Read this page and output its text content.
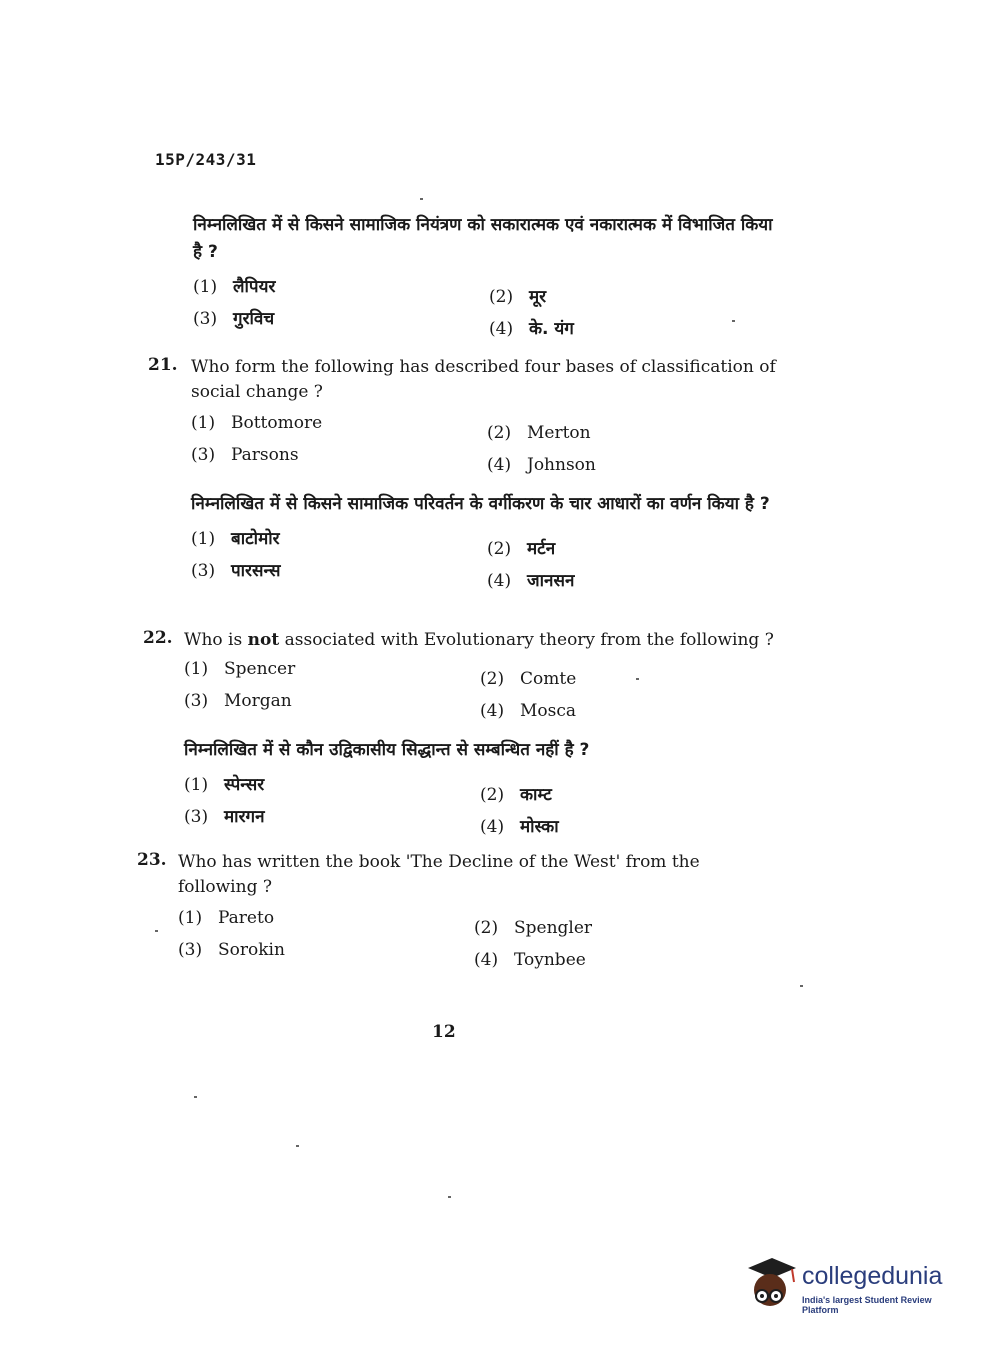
15P/243/31

निम्नलिखित में से किसने सामाजिक नियंत्रण को सकारात्मक एवं नकारात्मक में विभाजित किया है ?

(1) लैपियर	(2) मूर
(3) गुरविच	(4) के. यंग
21. Who form the following has described four bases of classification of social change ?

(1) Bottomore	(2) Merton
(3) Parsons	(4) Johnson

निम्नलिखित में से किसने सामाजिक परिवर्तन के वर्गीकरण के चार आधारों का वर्णन किया है ?

(1) बाटोमोर	(2) मर्टन
(3) पारसन्स	(4) जानसन
22. Who is not associated with Evolutionary theory from the following ?

(1) Spencer	(2) Comte
(3) Morgan	(4) Mosca

निम्नलिखित में से कौन उद्विकासीय सिद्धान्त से सम्बन्धित नहीं है ?

(1) स्पेन्सर	(2) काम्ट
(3) मारगन	(4) मोस्का
23. Who has written the book 'The Decline of the West' from the following ?

(1) Pareto	(2) Spengler
(3) Sorokin	(4) Toynbee
12
collegedunia
India's largest Student Review Platform
